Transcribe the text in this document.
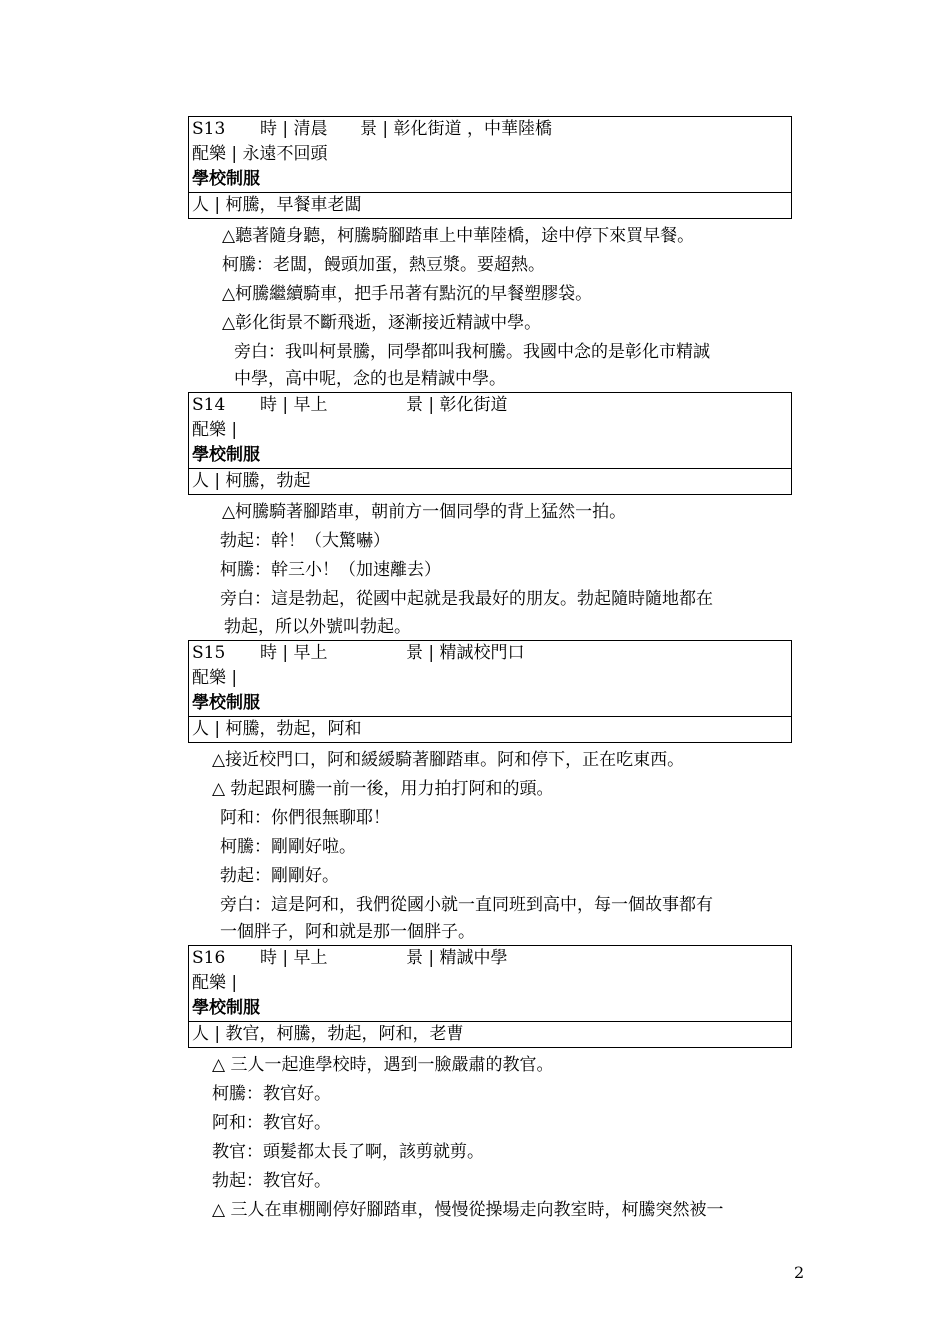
S13 時 | 清晨 景 | 彰化街道 ，中華陸橋
配樂 | 永遠不回頭
學校制服
人 | 柯騰，早餐車老闆
△聽著隨身聽，柯騰騎腳踏車上中華陸橋，途中停下來買早餐。
柯騰：老闆，饅頭加蛋，熱豆漿。要超熱。
△柯騰繼續騎車，把手吊著有點沉的早餐塑膠袋。
△彰化街景不斷飛逝，逐漸接近精誠中學。
旁白：我叫柯景騰，同學都叫我柯騰。我國中念的是彰化市精誠
中學，高中呢，念的也是精誠中學。
S14 時 | 早上	景 | 彰化街道
配樂 |
學校制服
人 | 柯騰，勃起
△柯騰騎著腳踏車，朝前方一個同學的背上猛然一拍。
勃起：幹！（大驚嚇）
柯騰：幹三小！（加速離去）
旁白：這是勃起，從國中起就是我最好的朋友。勃起隨時隨地都在
勃起，所以外號叫勃起。
S15 時 | 早上	景 | 精誠校門口
配樂 |
學校制服
人 | 柯騰，勃起，阿和
△接近校門口，阿和緩緩騎著腳踏車。阿和停下，正在吃東西。
△ 勃起跟柯騰一前一後，用力拍打阿和的頭。
阿和：你們很無聊耶！
柯騰：剛剛好啦。
勃起：剛剛好。
旁白：這是阿和，我們從國小就一直同班到高中，每一個故事都有
一個胖子，阿和就是那一個胖子。
S16 時 | 早上	景 | 精誠中學
配樂 |
學校制服
人 | 教官，柯騰，勃起，阿和，老曹
△ 三人一起進學校時，遇到一臉嚴肅的教官。
柯騰：教官好。
阿和：教官好。
教官：頭髮都太長了啊，該剪就剪。
勃起：教官好。
△ 三人在車棚剛停好腳踏車，慢慢從操場走向教室時，柯騰突然被一
2
